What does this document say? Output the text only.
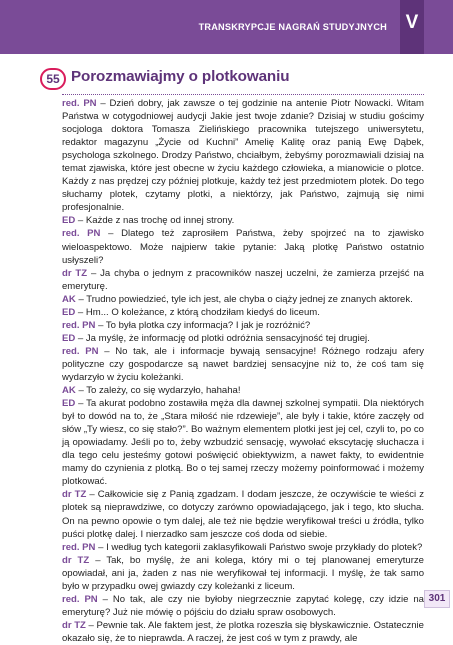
TRANSKRYPCJE NAGRAŃ STUDYJNYCH V
55 Porozmawiajmy o plotkowaniu

red. PN – Dzień dobry, jak zawsze o tej godzinie na antenie Piotr Nowacki. Witam Państwa w cotygodniowej audycji Jakie jest twoje zdanie? Dzisiaj w studiu gościmy socjologa doktora Tomasza Zielińskiego pracownika tutejszego uniwersytetu, redaktor magazynu „Życie od Kuchni” Amelię Kalitę oraz panią Ewę Dąbek, psychologa szkolnego. Drodzy Państwo, chciałbym, żebyśmy porozmawiali dzisiaj na temat zjawiska, które jest obecne w życiu każdego człowieka, a mianowicie o plotce. Każdy z nas prędzej czy później plotkuje, każdy też jest przedmiotem plotek. Do tego słuchamy plotek, czytamy plotki, a niektórzy, jak Państwo, zajmują się nimi profesjonalnie.

ED – Każde z nas trochę od innej strony.

red. PN – Dlatego też zaprosiłem Państwa, żeby spojrzeć na to zjawisko wieloaspektowo. Może najpierw takie pytanie: Jaką plotkę Państwo ostatnio usłyszeli?

dr TZ – Ja chyba o jednym z pracowników naszej uczelni, że zamierza przejść na emeryturę.

AK – Trudno powiedzieć, tyle ich jest, ale chyba o ciąży jednej ze znanych aktorek.

ED – Hm... O koleżance, z którą chodziłam kiedyś do liceum.

red. PN – To była plotka czy informacja? I jak je rozróżnić?

ED – Ja myślę, że informację od plotki odróżnia sensacyjność tej drugiej.

red. PN – No tak, ale i informacje bywają sensacyjne! Różnego rodzaju afery polityczne czy gospodarcze są nawet bardziej sensacyjne niż to, że coś tam się wydarzyło w życiu koleżanki.

AK – To zależy, co się wydarzyło, hahaha!

ED – Ta akurat podobno zostawiła męża dla dawnej szkolnej sympatii. Dla niektórych był to dowód na to, że „Stara miłość nie rdzewieje”, ale były i takie, które zaczęły od słów „Ty wiesz, co się stało?”. Bo ważnym elementem plotki jest jej cel, czyli to, po co ją opowiadamy. Jeśli po to, żeby wzbudzić sensację, wywołać ekscytację słuchacza i dla tego celu jesteśmy gotowi poświęcić obiektywizm, a nawet fakty, to ewidentnie mamy do czynienia z plotką. Bo o tej samej rzeczy możemy poinformować i możemy plotkować.

dr TZ – Całkowicie się z Panią zgadzam. I dodam jeszcze, że oczywiście te wieści z plotek są nieprawdziwe, co dotyczy zarówno opowiadającego, jak i tego, kto słucha. On na pewno opowie o tym dalej, ale też nie będzie weryfikował treści u źródła, tylko puści plotkę dalej. I nierzadko sam jeszcze coś doda od siebie.

red. PN – I według tych kategorii zaklasyfikowali Państwo swoje przykłady do plotek?

dr TZ – Tak, bo myślę, że ani kolega, który mi o tej planowanej emeryturze opowiadał, ani ja, żaden z nas nie weryfikował tej informacji. I myślę, że tak samo było w przypadku owej gwiazdy czy koleżanki z liceum.

red. PN – No tak, ale czy nie byłoby niegrzecznie zapytać kolegę, czy idzie na emeryturę? Już nie mówię o pójściu do działu spraw osobowych.

dr TZ – Pewnie tak. Ale faktem jest, że plotka rozeszła się błyskawicznie. Ostatecznie okazało się, że to nieprawda. A raczej, że jest coś w tym z prawdy, ale

301
